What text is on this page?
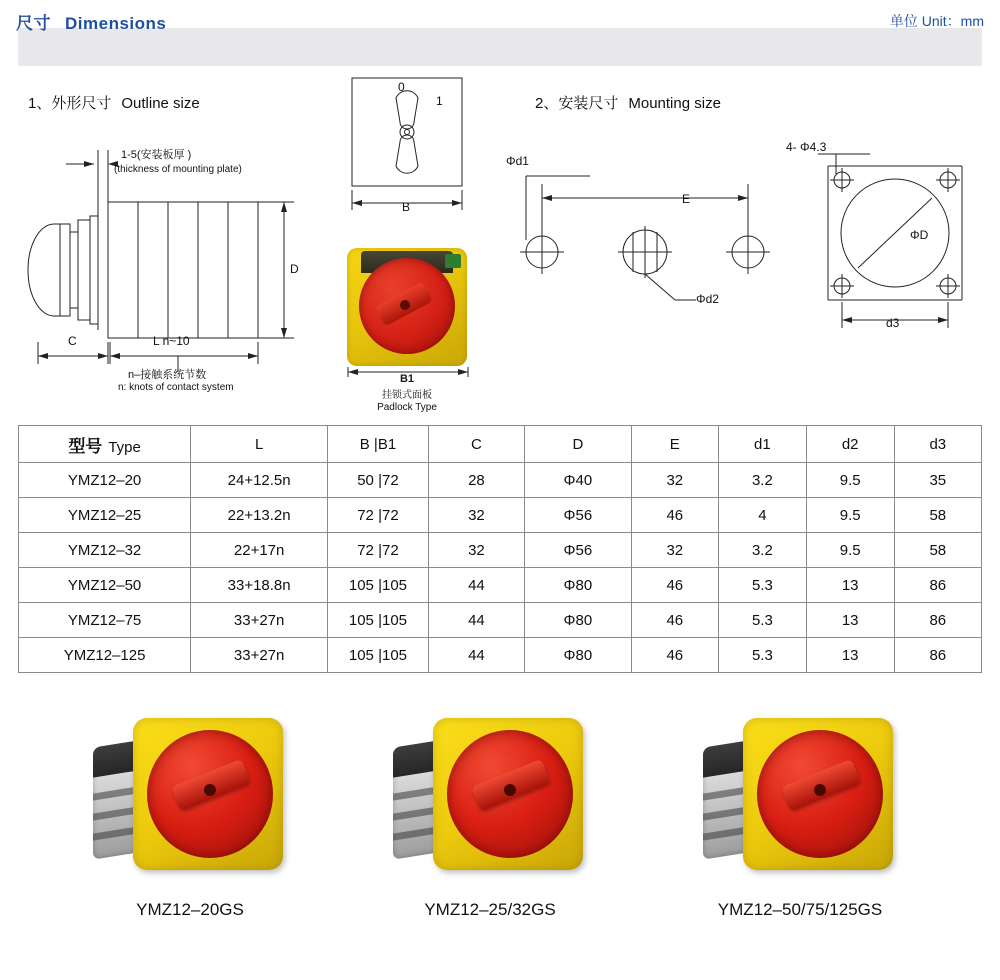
尺寸 Dimensions	单位 Unit：mm
1、外形尺寸 Outline size	2、安装尺寸 Mounting size
1-5(安装板厚 )
(thickness of mounting plate)
D
C	L n~10
n–接触系统节数
n: knots of contact system
0
1
B
B1
挂锁式面板
Padlock Type
Φd1
E
Φd2
4- Φ4.3
ΦD
d3
型号 Type	L	B |B1	C	D	E	d1	d2	d3
YMZ12–20	24+12.5n	50 |72	28	Φ40	32	3.2	9.5	35
YMZ12–25	22+13.2n	72 |72	32	Φ56	46	4	9.5	58
YMZ12–32	22+17n	72 |72	32	Φ56	32	3.2	9.5	58
YMZ12–50	33+18.8n	105 |105	44	Φ80	46	5.3	13	86
YMZ12–75	33+27n	105 |105	44	Φ80	46	5.3	13	86
YMZ12–125	33+27n	105 |105	44	Φ80	46	5.3	13	86
YMZ12–20GS	YMZ12–25/32GS	YMZ12–50/75/125GS
